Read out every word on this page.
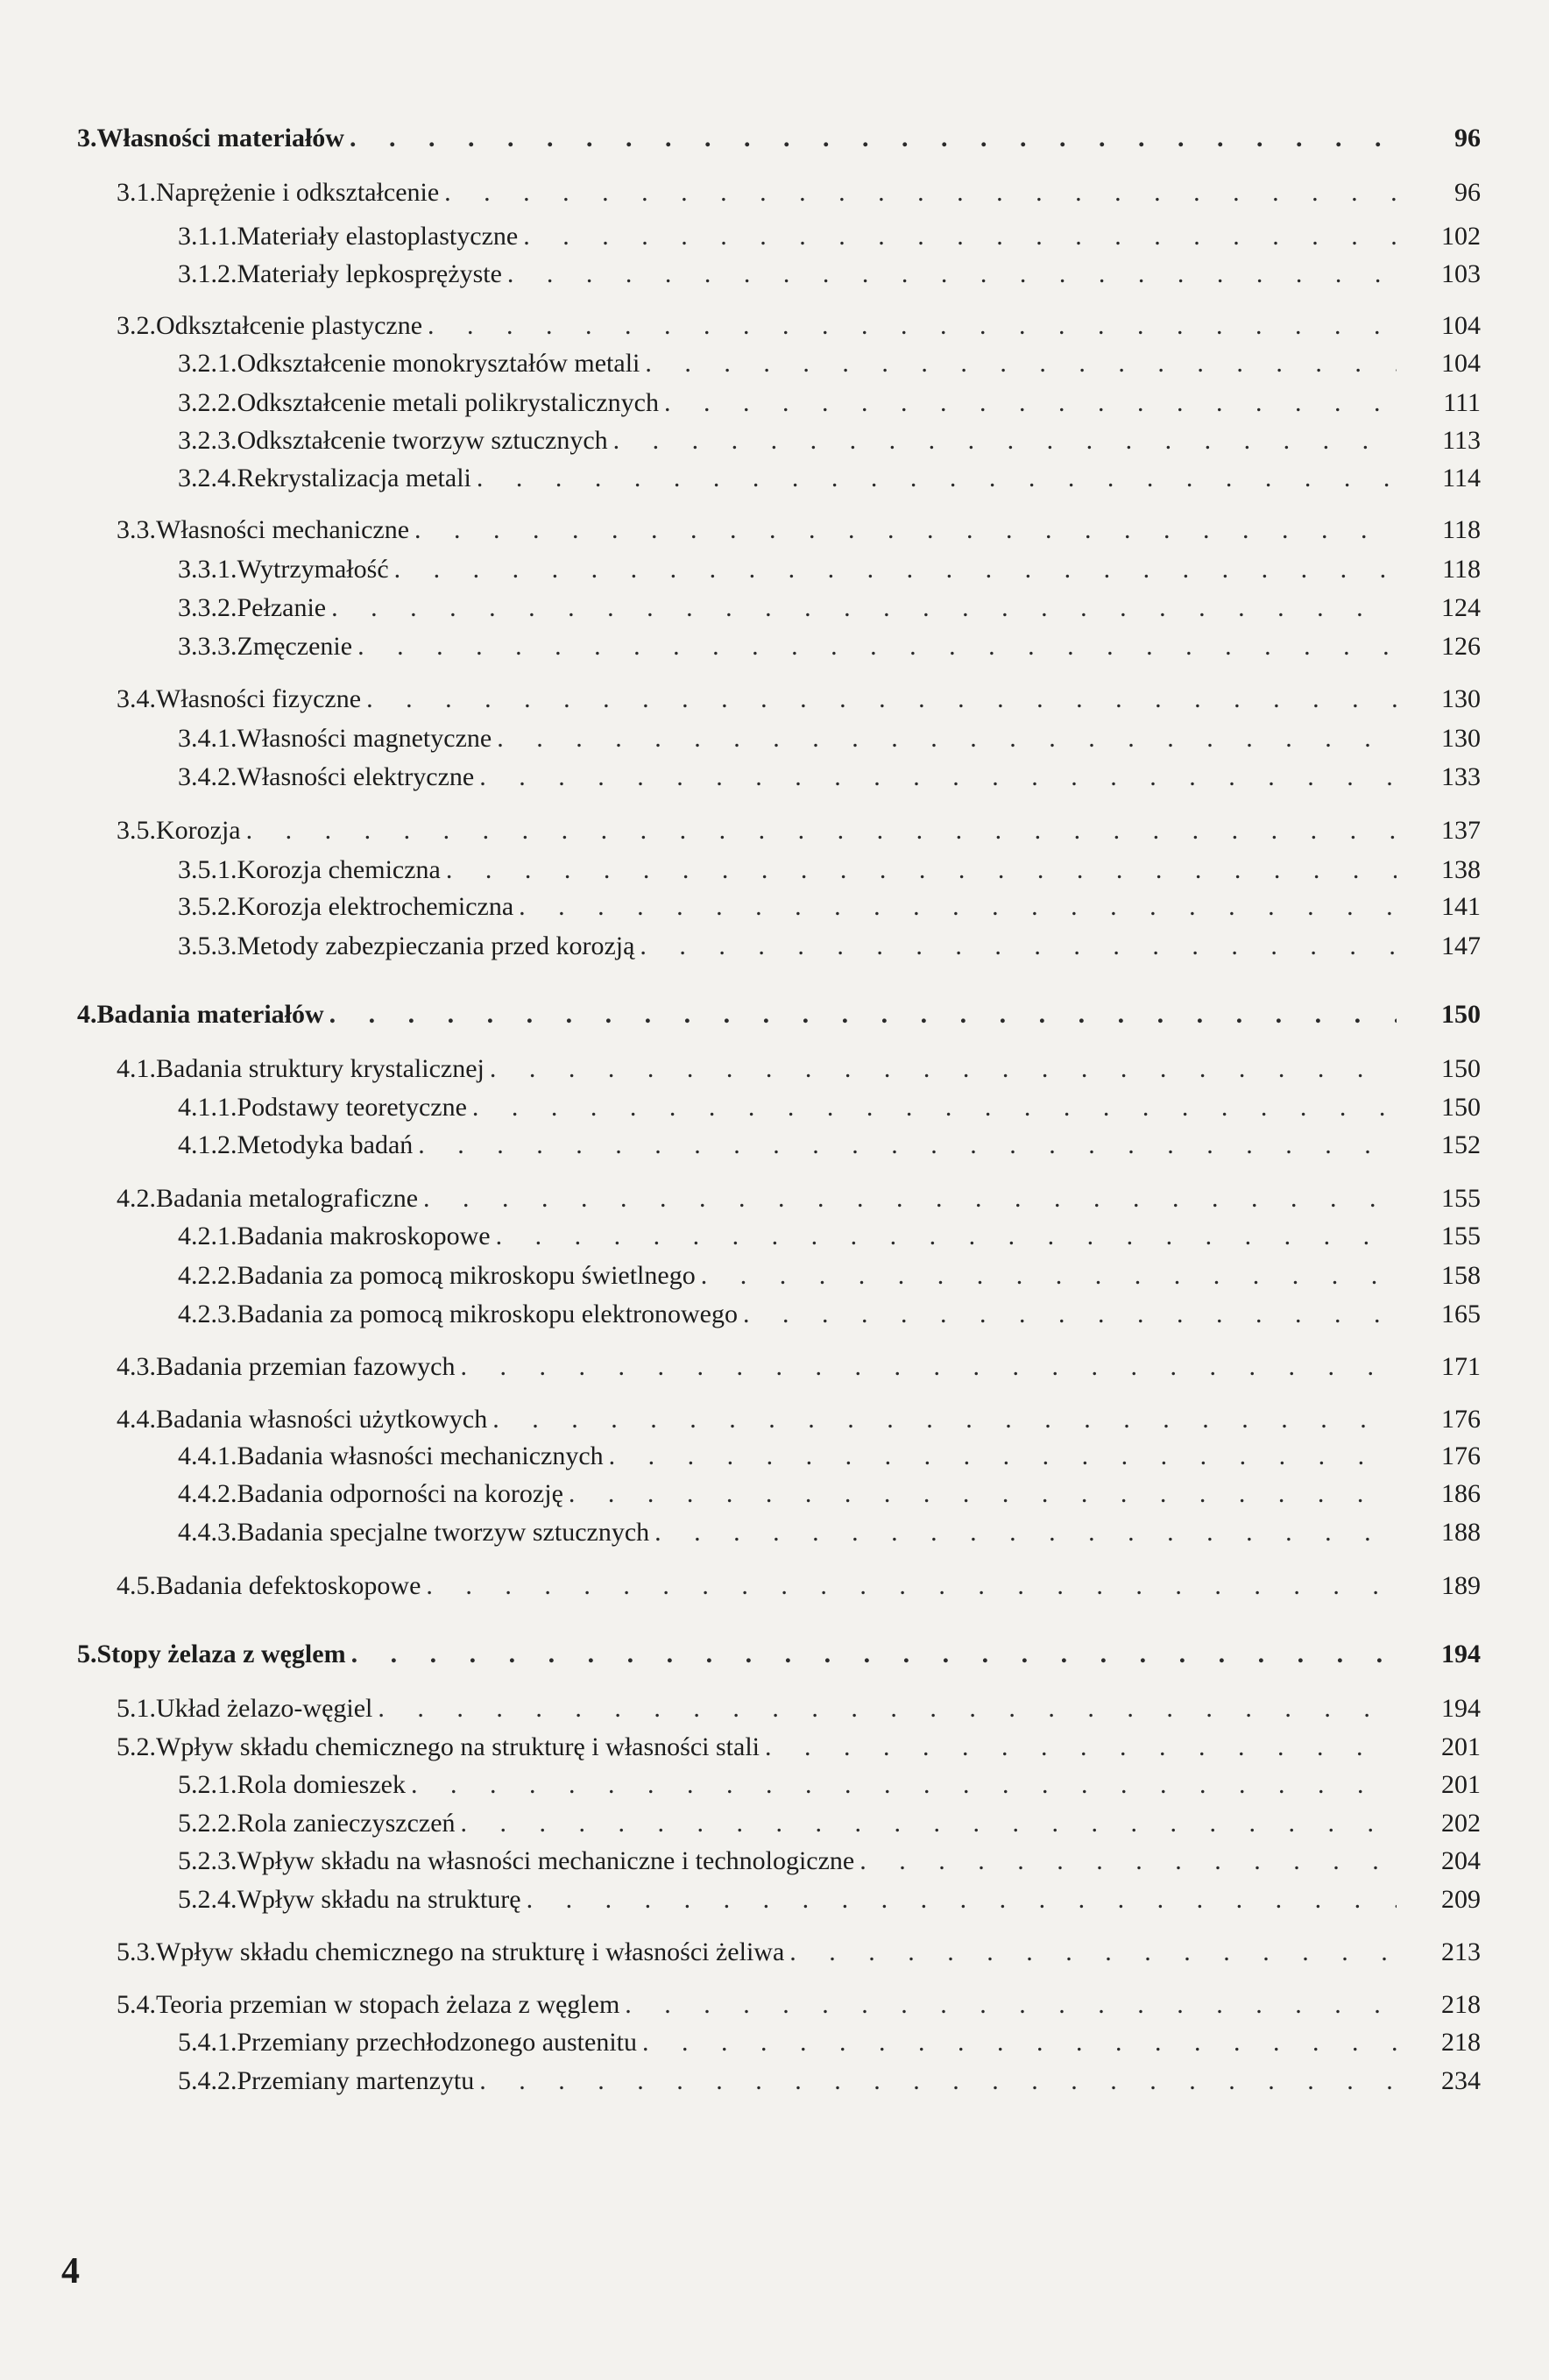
3. Własności materiałów . . .	96
3.1. Naprężenie i odkształcenie . . .	96
3.1.1. Materiały elastoplastyczne . . .	102
3.1.2. Materiały lepkosprężyste . . .	103
3.2. Odkształcenie plastyczne . . .	104
3.2.1. Odkształcenie monokryształów metali . . .	104
3.2.2. Odkształcenie metali polikrystalicznych . . .	111
3.2.3. Odkształcenie tworzyw sztucznych . . .	113
3.2.4. Rekrystalizacja metali . . .	114
3.3. Własności mechaniczne . . .	118
3.3.1. Wytrzymałość . . .	118
3.3.2. Pełzanie . . .	124
3.3.3. Zmęczenie . . .	126
3.4. Własności fizyczne . . .	130
3.4.1. Własności magnetyczne . . .	130
3.4.2. Własności elektryczne . . .	133
3.5. Korozja . . .	137
3.5.1. Korozja chemiczna . . .	138
3.5.2. Korozja elektrochemiczna . . .	141
3.5.3. Metody zabezpieczania przed korozją . . .	147
4. Badania materiałów . . .	150
4.1. Badania struktury krystalicznej . . .	150
4.1.1. Podstawy teoretyczne . . .	150
4.1.2. Metodyka badań . . .	152
4.2. Badania metalograficzne . . .	155
4.2.1. Badania makroskopowe . . .	155
4.2.2. Badania za pomocą mikroskopu świetlnego . . .	158
4.2.3. Badania za pomocą mikroskopu elektronowego . . .	165
4.3. Badania przemian fazowych . . .	171
4.4. Badania własności użytkowych . . .	176
4.4.1. Badania własności mechanicznych . . .	176
4.4.2. Badania odporności na korozję . . .	186
4.4.3. Badania specjalne tworzyw sztucznych . . .	188
4.5. Badania defektoskopowe . . .	189
5. Stopy żelaza z węglem . . .	194
5.1. Układ żelazo-węgiel . . .	194
5.2. Wpływ składu chemicznego na strukturę i własności stali . . .	201
5.2.1. Rola domieszek . . .	201
5.2.2. Rola zanieczyszczeń . . .	202
5.2.3. Wpływ składu na własności mechaniczne i technologiczne . . .	204
5.2.4. Wpływ składu na strukturę . . .	209
5.3. Wpływ składu chemicznego na strukturę i własności żeliwa . . .	213
5.4. Teoria przemian w stopach żelaza z węglem . . .	218
5.4.1. Przemiany przechłodzonego austenitu . . .	218
5.4.2. Przemiany martenzytu . . .	234
4
